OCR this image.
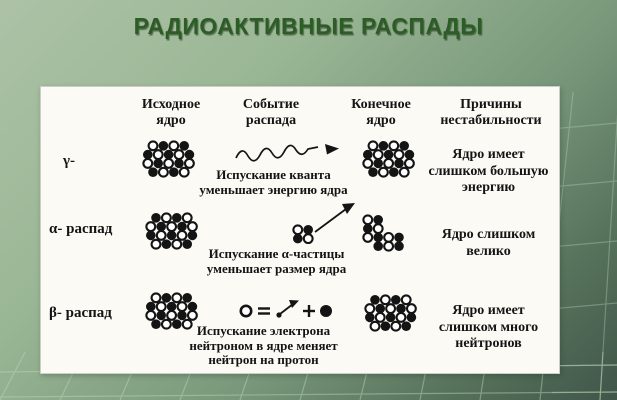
РАДИОАКТИВНЫЕ РАСПАДЫ
Исходное
ядро
Событие
распада
Конечное
ядро
Причины
нестабильности
γ-
Испускание кванта
уменьшает энергию ядра
Ядро имеет
слишком большую
энергию
α- распад
Испускание α-частицы
уменьшает размер ядра
Ядро слишком
велико
β- распад
Испускание электрона
нейтроном в ядре меняет
нейтрон на протон
Ядро имеет
слишком много
нейтронов
